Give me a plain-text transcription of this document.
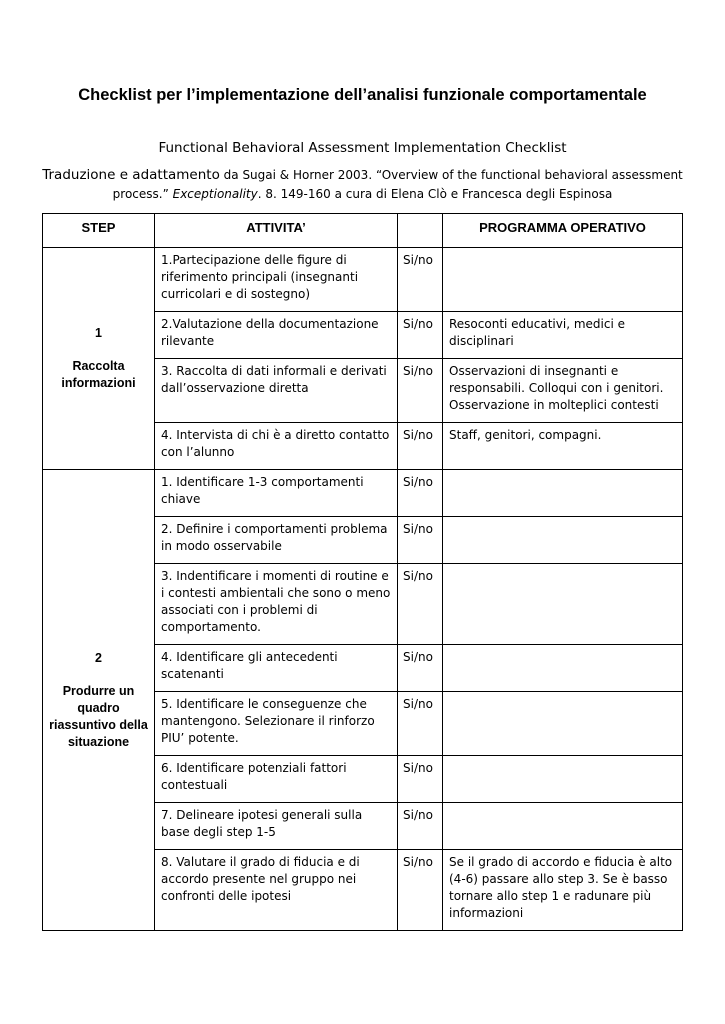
Checklist per l’implementazione dell’analisi funzionale comportamentale
Functional Behavioral Assessment Implementation Checklist
Traduzione e adattamento da Sugai & Horner 2003. “Overview of the functional behavioral assessment process.” Exceptionality. 8. 149-160 a cura di Elena Clò e Francesca degli Espinosa
STEP	ATTIVITA’		PROGRAMMA OPERATIVO

1
Raccolta informazioni	1.Partecipazione delle figure di riferimento principali (insegnanti curricolari e di sostegno)	Si/no	
	2.Valutazione della documentazione rilevante	Si/no	Resoconti educativi, medici e disciplinari
	3. Raccolta di dati informali e derivati dall’osservazione diretta	Si/no	Osservazioni di insegnanti e responsabili. Colloqui con i genitori. Osservazione in molteplici contesti
	4. Intervista di chi è a diretto contatto con l’alunno	Si/no	Staff, genitori, compagni.

2
Produrre un quadro riassuntivo della situazione	1. Identificare 1-3 comportamenti chiave	Si/no	
	2. Definire i comportamenti problema in modo osservabile	Si/no	
	3. Indentificare i momenti di routine e i contesti ambientali che sono o meno associati con i problemi di comportamento.	Si/no	
	4. Identificare gli antecedenti scatenanti	Si/no	
	5. Identificare le conseguenze che mantengono. Selezionare il rinforzo PIU’ potente.	Si/no	
	6. Identificare potenziali fattori contestuali	Si/no	
	7. Delineare ipotesi generali sulla base degli step 1-5	Si/no	
	8. Valutare il grado di fiducia e di accordo presente nel gruppo nei confronti delle ipotesi	Si/no	Se il grado di accordo e fiducia è alto (4-6) passare allo step 3. Se è basso tornare allo step 1 e radunare più informazioni
